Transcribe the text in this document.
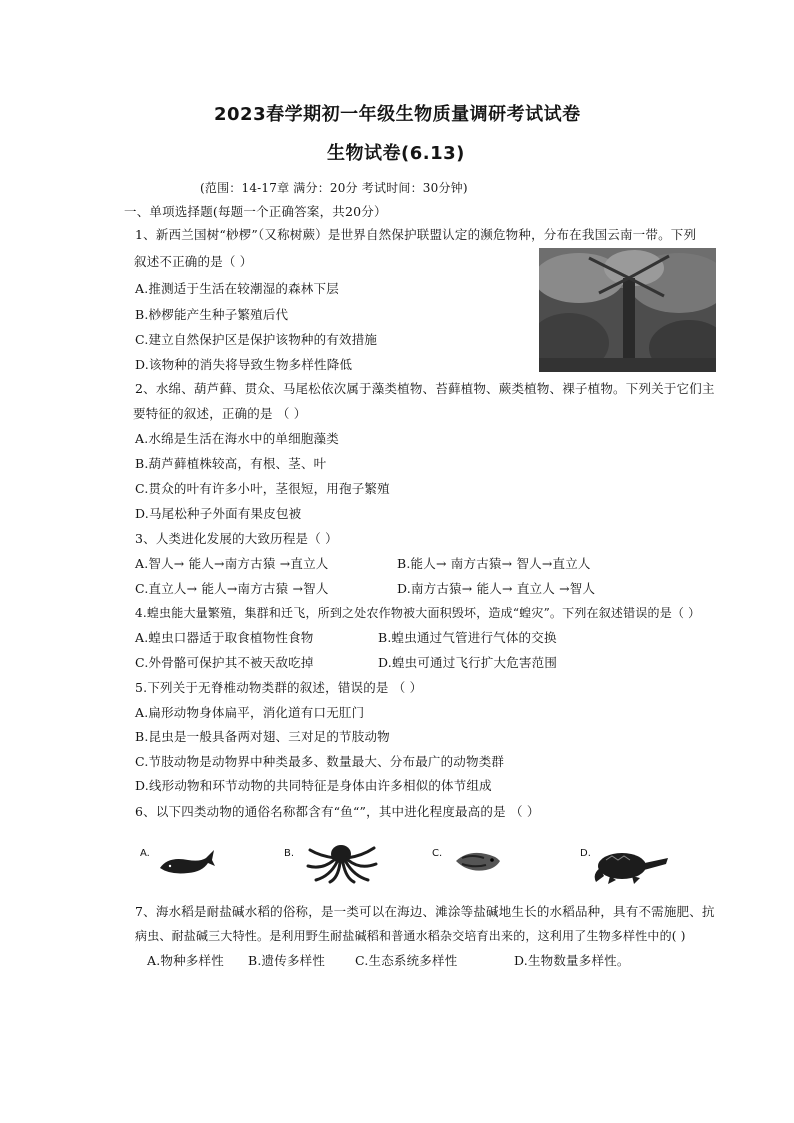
2023春学期初一年级生物质量调研考试试卷
生物试卷(6.13)
(范围：14-17章 满分：20分 考试时间：30分钟)
一、单项选择题(每题一个正确答案，共20分）
1、新西兰国树“桫椤”（又称树蕨）是世界自然保护联盟认定的濒危物种，分布在我国云南一带。下列
叙述不正确的是（ ）
A.推测适于生活在较潮湿的森林下层
B.桫椤能产生种子繁殖后代
C.建立自然保护区是保护该物种的有效措施
D.该物种的消失将导致生物多样性降低
2、水绵、葫芦藓、贯众、马尾松依次属于藻类植物、苔藓植物、蕨类植物、裸子植物。下列关于它们主
要特征的叙述，正确的是 （ ）
A.水绵是生活在海水中的单细胞藻类
B.葫芦藓植株较高，有根、茎、叶
C.贯众的叶有许多小叶，茎很短，用孢子繁殖
D.马尾松种子外面有果皮包被
3、人类进化发展的大致历程是（ ）
A.智人→ 能人→南方古猿 →直立人	B.能人→ 南方古猿→ 智人→直立人
C.直立人→ 能人→南方古猿 →智人	D.南方古猿→ 能人→ 直立人 →智人
4.蝗虫能大量繁殖，集群和迁飞，所到之处农作物被大面积毁坏，造成“蝗灾”。下列在叙述错误的是（ ）
A.蝗虫口器适于取食植物性食物	B.蝗虫通过气管进行气体的交换
C.外骨骼可保护其不被天敌吃掉	D.蝗虫可通过飞行扩大危害范围
5.下列关于无脊椎动物类群的叙述，错误的是 （ ）
A.扁形动物身体扁平，消化道有口无肛门
B.昆虫是一般具备两对翅、三对足的节肢动物
C.节肢动物是动物界中种类最多、数量最大、分布最广的动物类群
D.线形动物和环节动物的共同特征是身体由许多相似的体节组成
6、以下四类动物的通俗名称都含有“鱼“”，其中进化程度最高的是 （ ）
A.	B.	C.	D.
7、海水稻是耐盐碱水稻的俗称，是一类可以在海边、滩涂等盐碱地生长的水稻品种，具有不需施肥、抗
病虫、耐盐碱三大特性。是利用野生耐盐碱稻和普通水稻杂交培育出来的，这利用了生物多样性中的( )
A.物种多样性 B.遗传多样性 C.生态系统多样性	D.生物数量多样性。
